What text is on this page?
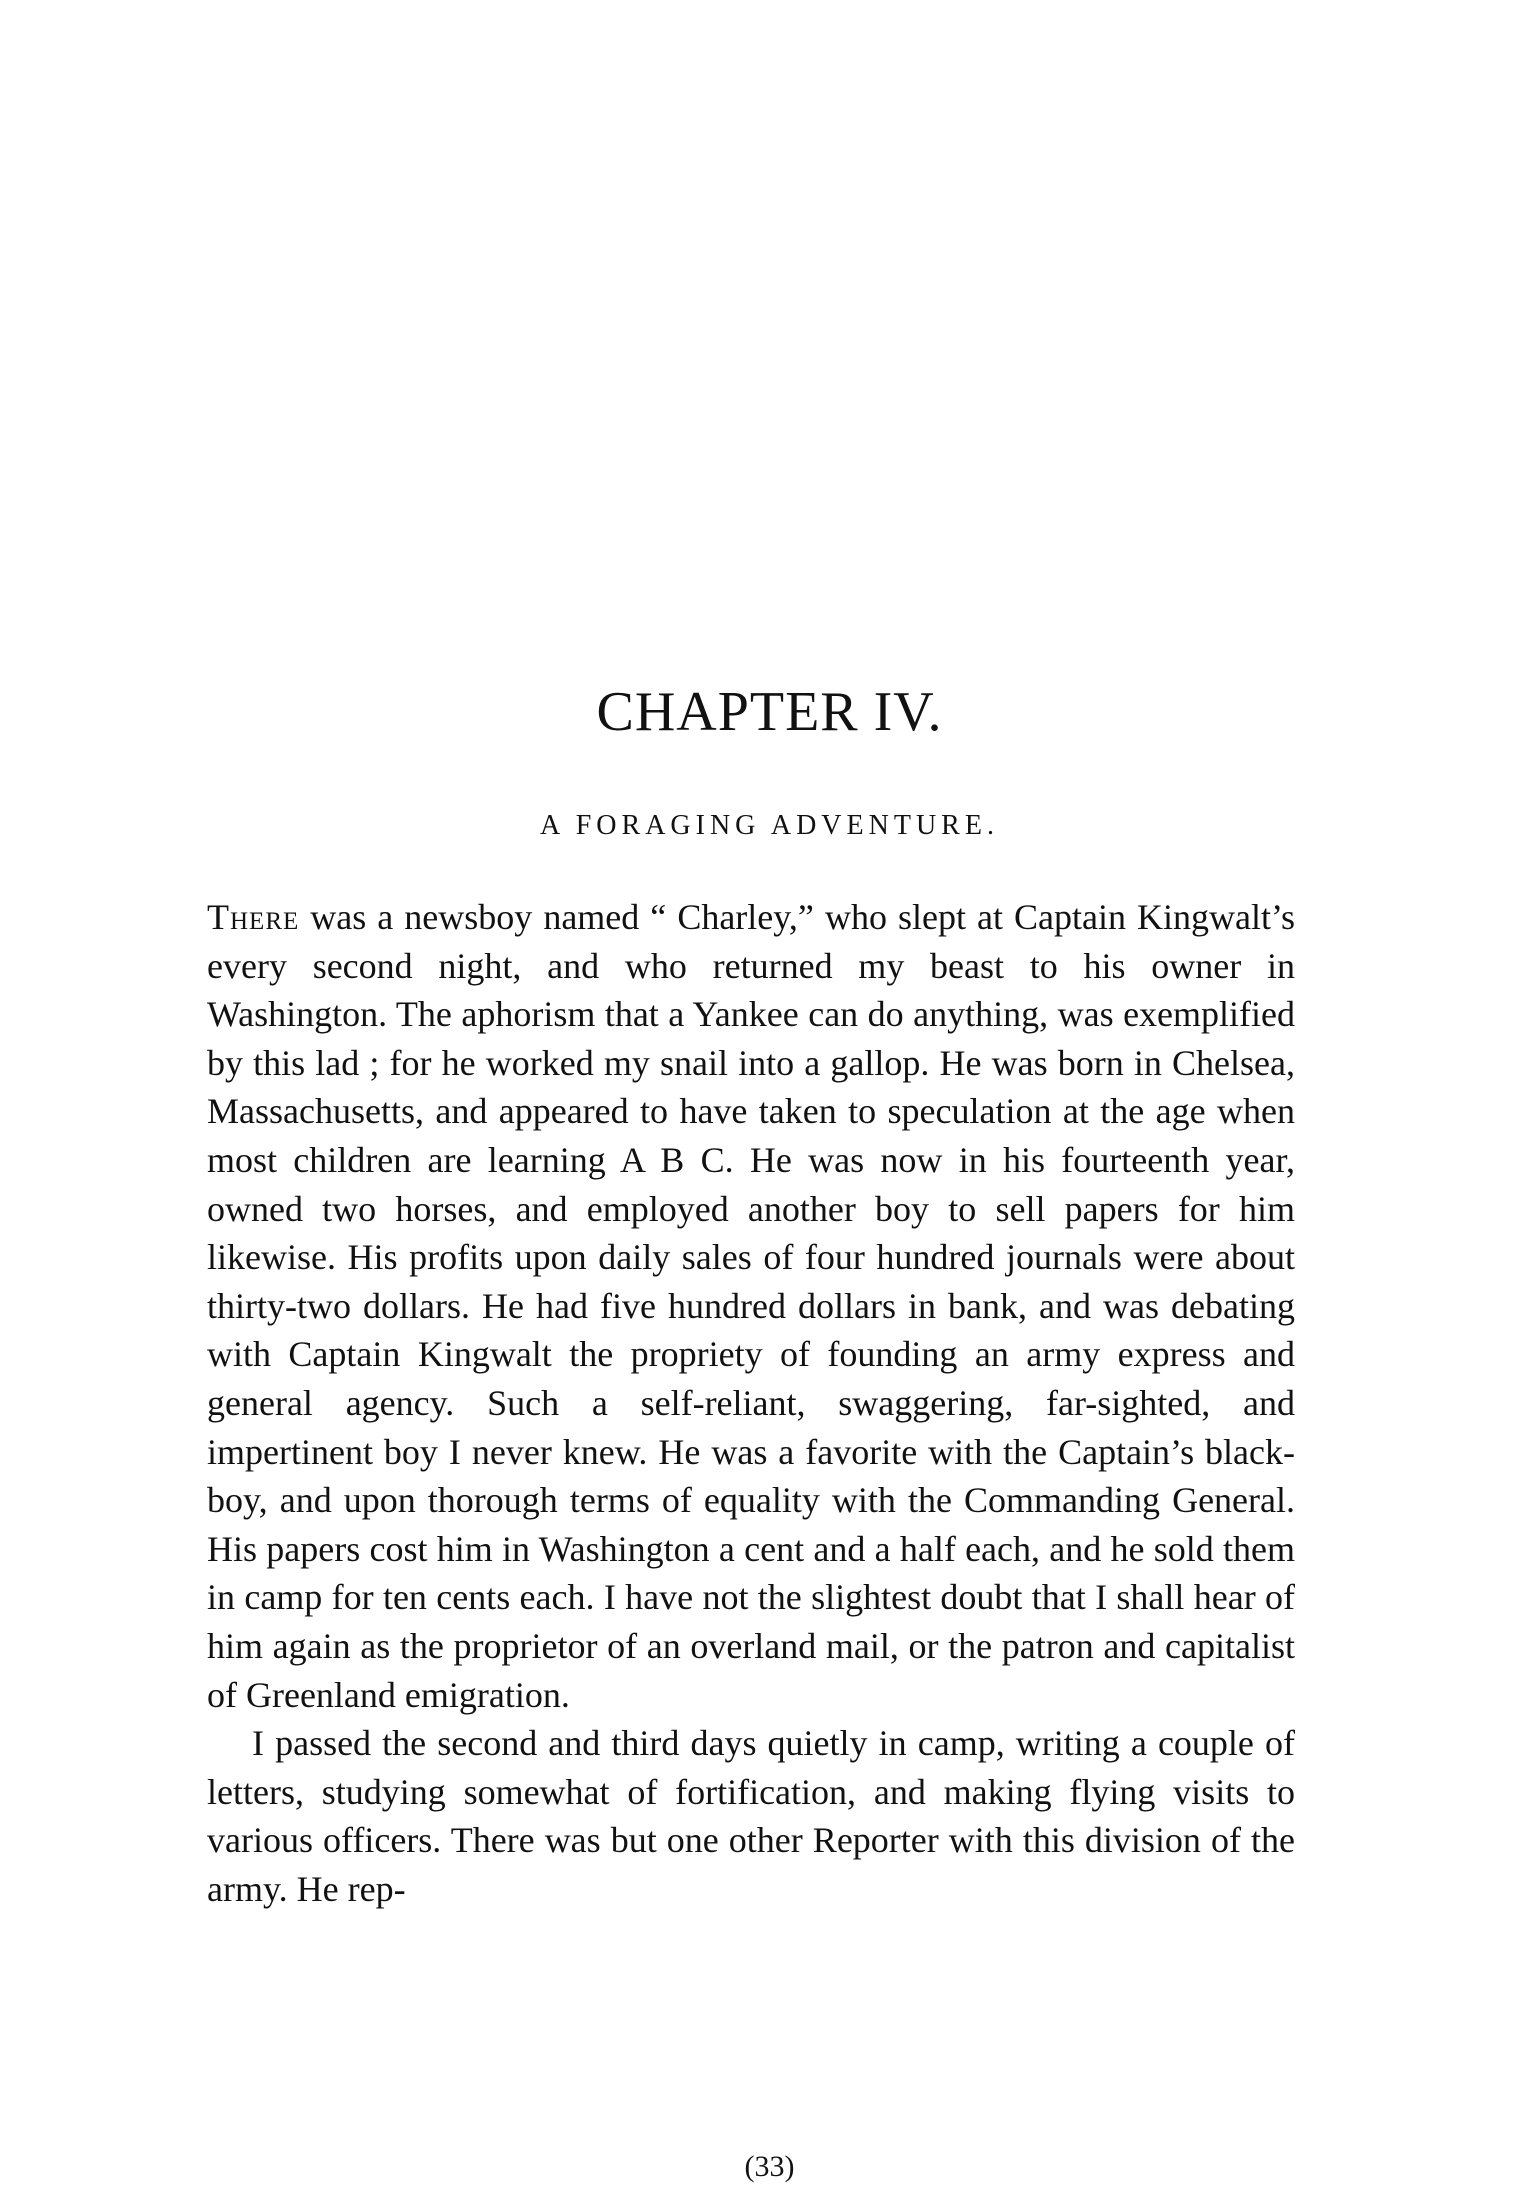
CHAPTER IV.
A FORAGING ADVENTURE.

There was a newsboy named “ Charley,” who slept at Captain Kingwalt’s every second night, and who returned my beast to his owner in Washington. The aphorism that a Yankee can do anything, was exemplified by this lad ; for he worked my snail into a gallop. He was born in Chelsea, Massachusetts, and appeared to have taken to speculation at the age when most children are learning A B C. He was now in his fourteenth year, owned two horses, and employed another boy to sell papers for him likewise. His profits upon daily sales of four hundred journals were about thirty-two dollars. He had five hundred dollars in bank, and was debating with Captain Kingwalt the propriety of founding an army express and general agency. Such a self-reliant, swaggering, far-sighted, and impertinent boy I never knew. He was a favorite with the Captain’s black-boy, and upon thorough terms of equality with the Commanding General. His papers cost him in Washington a cent and a half each, and he sold them in camp for ten cents each. I have not the slightest doubt that I shall hear of him again as the proprietor of an overland mail, or the patron and capitalist of Greenland emigration.

I passed the second and third days quietly in camp, writing a couple of letters, studying somewhat of fortification, and making flying visits to various officers. There was but one other Reporter with this division of the army. He rep-

(33)
